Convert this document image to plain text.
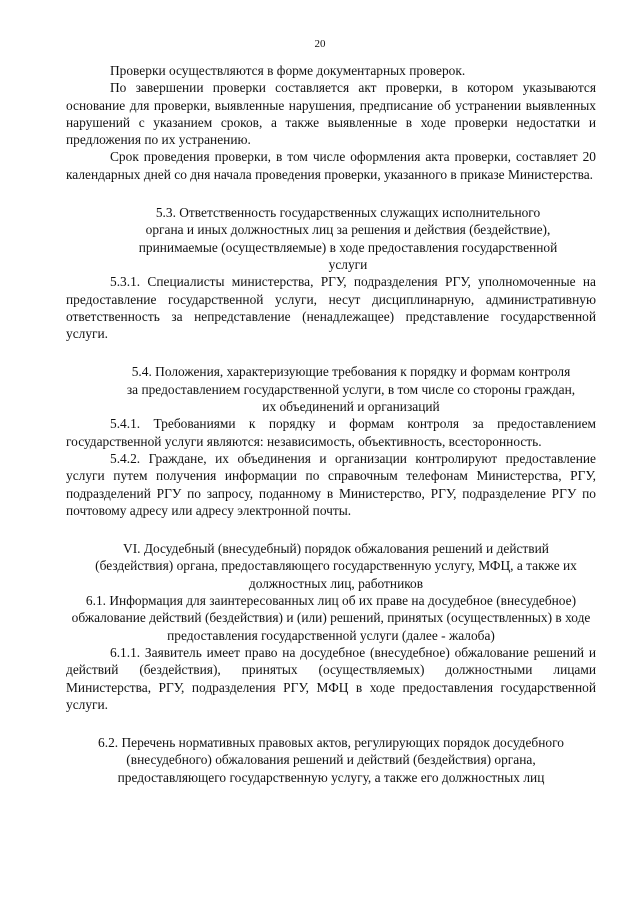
20

Проверки осуществляются в форме документарных проверок.

По завершении проверки составляется акт проверки, в котором указываются основание для проверки, выявленные нарушения, предписание об устранении выявленных нарушений с указанием сроков, а также выявленные в ходе проверки недостатки и предложения по их устранению.

Срок проведения проверки, в том числе оформления акта проверки, составляет 20 календарных дней со дня начала проведения проверки, указанного в приказе Министерства.

5.3. Ответственность государственных служащих исполнительного органа и иных должностных лиц за решения и действия (бездействие), принимаемые (осуществляемые) в ходе предоставления государственной услуги

5.3.1. Специалисты министерства, РГУ, подразделения РГУ, уполномоченные на предоставление государственной услуги, несут дисциплинарную, административную ответственность за непредставление (ненадлежащее) представление государственной услуги.

5.4. Положения, характеризующие требования к порядку и формам контроля за предоставлением государственной услуги, в том числе со стороны граждан, их объединений и организаций

5.4.1. Требованиями к порядку и формам контроля за предоставлением государственной услуги являются: независимость, объективность, всесторонность.

5.4.2. Граждане, их объединения и организации контролируют предоставление услуги путем получения информации по справочным телефонам Министерства, РГУ, подразделений РГУ по запросу, поданному в Министерство, РГУ, подразделение РГУ по почтовому адресу или адресу электронной почты.

VI. Досудебный (внесудебный) порядок обжалования решений и действий (бездействия) органа, предоставляющего государственную услугу, МФЦ, а также их должностных лиц, работников

6.1. Информация для заинтересованных лиц об их праве на досудебное (внесудебное) обжалование действий (бездействия) и (или) решений, принятых (осуществленных) в ходе предоставления государственной услуги (далее - жалоба)

6.1.1. Заявитель имеет право на досудебное (внесудебное) обжалование решений и действий (бездействия), принятых (осуществляемых) должностными лицами Министерства, РГУ, подразделения РГУ, МФЦ в ходе предоставления государственной услуги.

6.2. Перечень нормативных правовых актов, регулирующих порядок досудебного (внесудебного) обжалования решений и действий (бездействия) органа, предоставляющего государственную услугу, а также его должностных лиц
